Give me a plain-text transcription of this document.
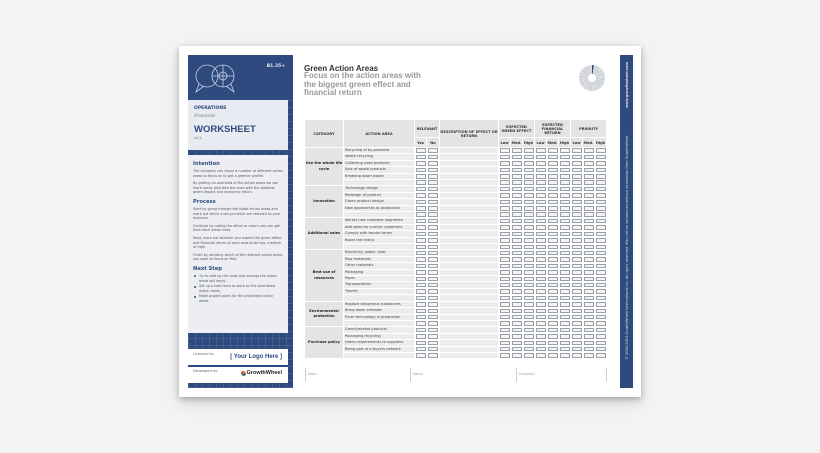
B1.35+
OPERATIONS
/Financials
WORKSHEET
v1.2
Intention
The company can chose a number of different action areas to focus on to get a greener profile.
By getting an overview of the action areas we can more easily prioritize the ones with the greatest green impact and economic return.
Process
Start by going through the listed action areas and mark out which ones you think are relevant to your business.
Continue by noting the effect or return you can get from each action area.
Next, mark out whether you expect the green effect and financial return of each area to be low, medium or high.
Finish by deciding which of the relevant action areas you want to focus on first.
Next Step
Try to add up the costs and savings the action areas will imply.
Set up a task force to work on the prioritized action areas.
Make project plans for the prioritized action areas.
Licensed to:	[ Your Logo Here ]
Developed by:	GrowthWheel
Green Action Areas
Focus on the action areas with the biggest green effect and financial return	www.growthwheel.com
© 2005-2013 GrowthWheel International Inc. All rights reserved. May not be reproduced without permission from GrowthWheel.
CATEGORY	ACTION AREA	RELEVANT		DESCRIPTION OF EFFECT OR RETURN	EXPECTED GREEN EFFECT			EXPECTED FINANCIAL RETURN			PRIORITY		
		Yes	No		Low	Med.	High	Low	Med.	High	Low	Med.	High
Use the whole life cycle	Recycling of by-products	

	Waste recycling	

	Collecting used products	

	Sale of waste products	

	Breaking down waste	

Innovation	Technology design	

	Redesign of product	

	Green product design	

	New approaches to production	

Additional sales	Attract new customer segments	

	Add sales for current customers	

	Comply with tender terms	

	Boost the brand	

Best use of resources	Electricity, water, heat	

	Raw materials	

	Other materials	

	Packaging	

	Paper	

	Transportation	

	Travels	

Environmental protection	Replace dangerous substances	

	Bring down emission	

	Purer technology in production	

Purchase policy	Green/labeled products	

	Packaging recycling	

	Green requirements to suppliers	

	Being part of a buyers network	

Date:	Name:	Company:
